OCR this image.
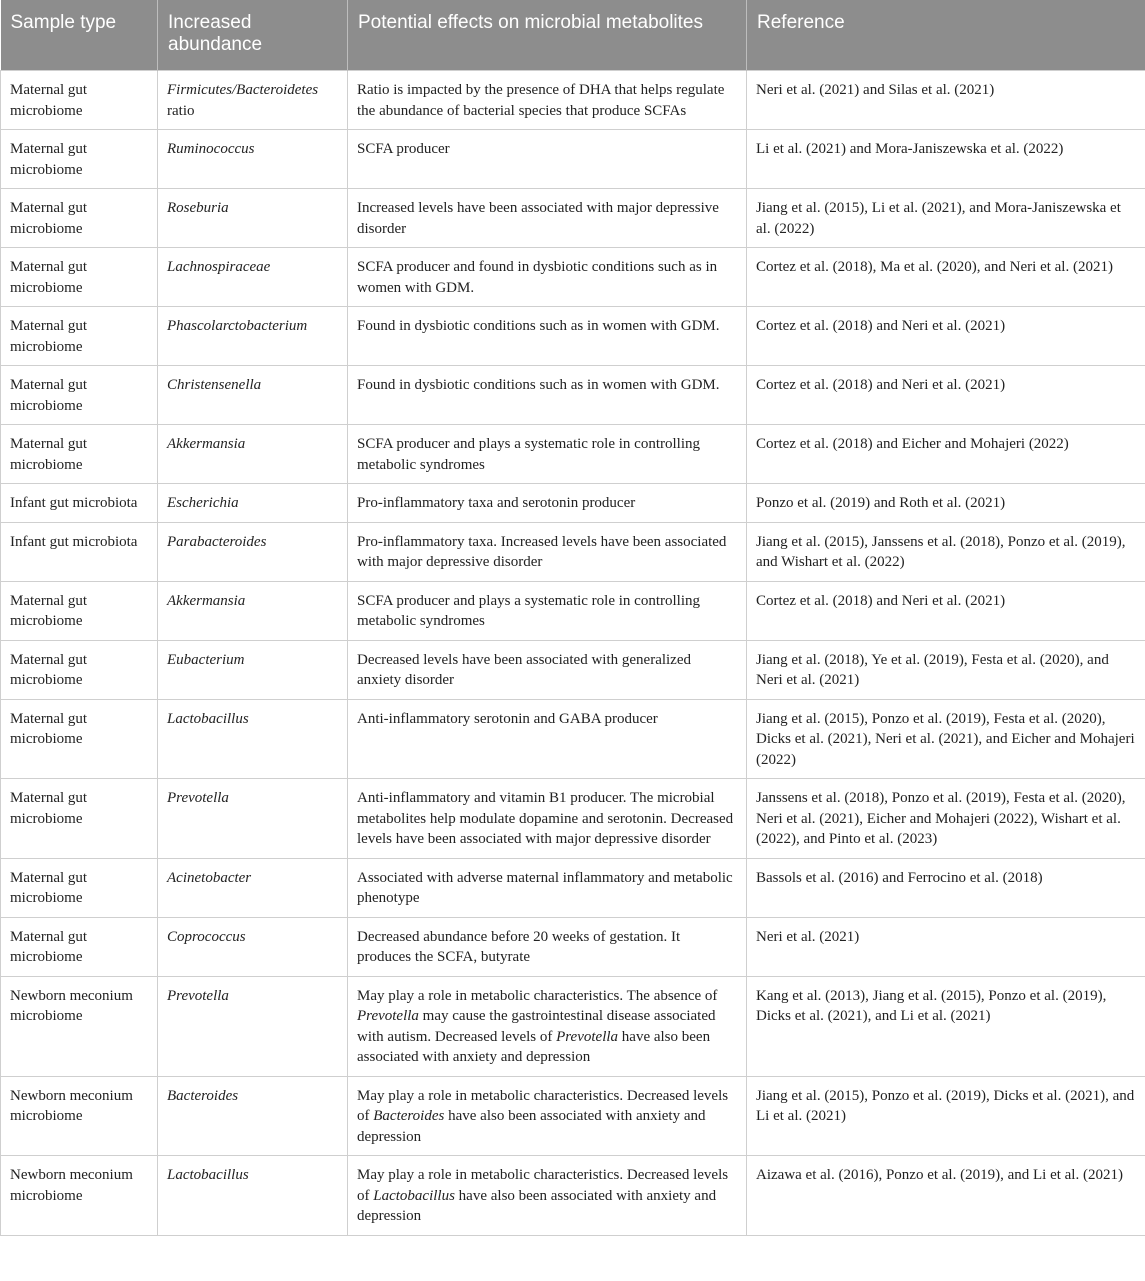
Sample type	Increased abundance	Potential effects on microbial metabolites	Reference
Maternal gut microbiome	Firmicutes/Bacteroidetes ratio	Ratio is impacted by the presence of DHA that helps regulate the abundance of bacterial species that produce SCFAs	Neri et al. (2021) and Silas et al. (2021)
Maternal gut microbiome	Ruminococcus	SCFA producer	Li et al. (2021) and Mora-Janiszewska et al. (2022)
Maternal gut microbiome	Roseburia	Increased levels have been associated with major depressive disorder	Jiang et al. (2015), Li et al. (2021), and Mora-Janiszewska et al. (2022)
Maternal gut microbiome	Lachnospiraceae	SCFA producer and found in dysbiotic conditions such as in women with GDM.	Cortez et al. (2018), Ma et al. (2020), and Neri et al. (2021)
Maternal gut microbiome	Phascolarctobacterium	Found in dysbiotic conditions such as in women with GDM.	Cortez et al. (2018) and Neri et al. (2021)
Maternal gut microbiome	Christensenella	Found in dysbiotic conditions such as in women with GDM.	Cortez et al. (2018) and Neri et al. (2021)
Maternal gut microbiome	Akkermansia	SCFA producer and plays a systematic role in controlling metabolic syndromes	Cortez et al. (2018) and Eicher and Mohajeri (2022)
Infant gut microbiota	Escherichia	Pro-inflammatory taxa and serotonin producer	Ponzo et al. (2019) and Roth et al. (2021)
Infant gut microbiota	Parabacteroides	Pro-inflammatory taxa. Increased levels have been associated with major depressive disorder	Jiang et al. (2015), Janssens et al. (2018), Ponzo et al. (2019), and Wishart et al. (2022)
Maternal gut microbiome	Akkermansia	SCFA producer and plays a systematic role in controlling metabolic syndromes	Cortez et al. (2018) and Neri et al. (2021)
Maternal gut microbiome	Eubacterium	Decreased levels have been associated with generalized anxiety disorder	Jiang et al. (2018), Ye et al. (2019), Festa et al. (2020), and Neri et al. (2021)
Maternal gut microbiome	Lactobacillus	Anti-inflammatory serotonin and GABA producer	Jiang et al. (2015), Ponzo et al. (2019), Festa et al. (2020), Dicks et al. (2021), Neri et al. (2021), and Eicher and Mohajeri (2022)
Maternal gut microbiome	Prevotella	Anti-inflammatory and vitamin B1 producer. The microbial metabolites help modulate dopamine and serotonin. Decreased levels have been associated with major depressive disorder	Janssens et al. (2018), Ponzo et al. (2019), Festa et al. (2020), Neri et al. (2021), Eicher and Mohajeri (2022), Wishart et al. (2022), and Pinto et al. (2023)
Maternal gut microbiome	Acinetobacter	Associated with adverse maternal inflammatory and metabolic phenotype	Bassols et al. (2016) and Ferrocino et al. (2018)
Maternal gut microbiome	Coprococcus	Decreased abundance before 20 weeks of gestation. It produces the SCFA, butyrate	Neri et al. (2021)
Newborn meconium microbiome	Prevotella	May play a role in metabolic characteristics. The absence of Prevotella may cause the gastrointestinal disease associated with autism. Decreased levels of Prevotella have also been associated with anxiety and depression	Kang et al. (2013), Jiang et al. (2015), Ponzo et al. (2019), Dicks et al. (2021), and Li et al. (2021)
Newborn meconium microbiome	Bacteroides	May play a role in metabolic characteristics. Decreased levels of Bacteroides have also been associated with anxiety and depression	Jiang et al. (2015), Ponzo et al. (2019), Dicks et al. (2021), and Li et al. (2021)
Newborn meconium microbiome	Lactobacillus	May play a role in metabolic characteristics. Decreased levels of Lactobacillus have also been associated with anxiety and depression	Aizawa et al. (2016), Ponzo et al. (2019), and Li et al. (2021)
